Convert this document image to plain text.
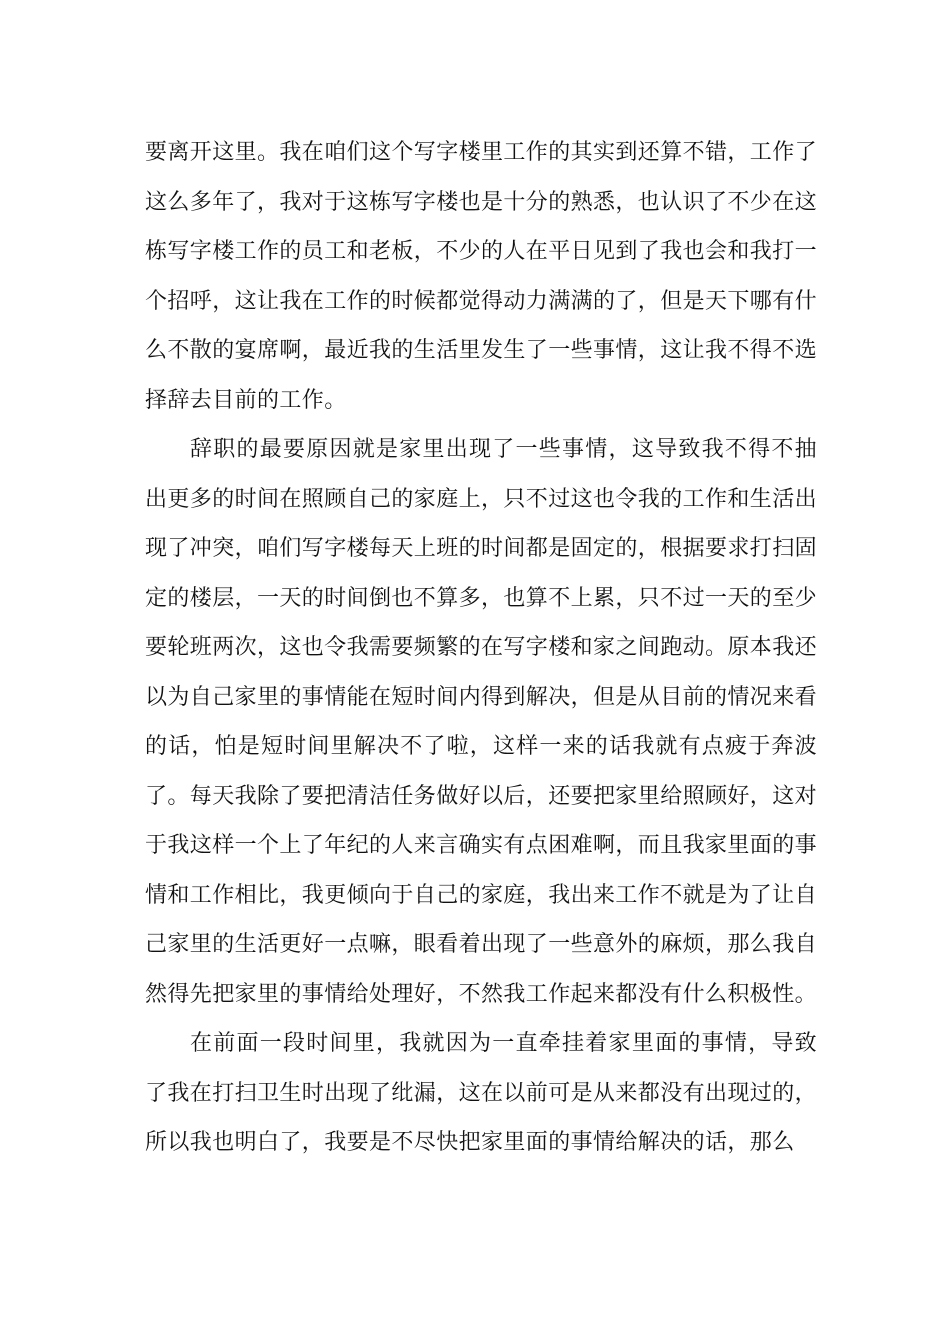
要离开这里。我在咱们这个写字楼里工作的其实到还算不错，工作了这么多年了，我对于这栋写字楼也是十分的熟悉，也认识了不少在这栋写字楼工作的员工和老板，不少的人在平日见到了我也会和我打一个招呼，这让我在工作的时候都觉得动力满满的了，但是天下哪有什么不散的宴席啊，最近我的生活里发生了一些事情，这让我不得不选择辞去目前的工作。

辞职的最要原因就是家里出现了一些事情，这导致我不得不抽出更多的时间在照顾自己的家庭上，只不过这也令我的工作和生活出现了冲突，咱们写字楼每天上班的时间都是固定的，根据要求打扫固定的楼层，一天的时间倒也不算多，也算不上累，只不过一天的至少要轮班两次，这也令我需要频繁的在写字楼和家之间跑动。原本我还以为自己家里的事情能在短时间内得到解决，但是从目前的情况来看的话，怕是短时间里解决不了啦，这样一来的话我就有点疲于奔波了。每天我除了要把清洁任务做好以后，还要把家里给照顾好，这对于我这样一个上了年纪的人来言确实有点困难啊，而且我家里面的事情和工作相比，我更倾向于自己的家庭，我出来工作不就是为了让自己家里的生活更好一点嘛，眼看着出现了一些意外的麻烦，那么我自然得先把家里的事情给处理好，不然我工作起来都没有什么积极性。

在前面一段时间里，我就因为一直牵挂着家里面的事情，导致了我在打扫卫生时出现了纰漏，这在以前可是从来都没有出现过的，所以我也明白了，我要是不尽快把家里面的事情给解决的话，那么
